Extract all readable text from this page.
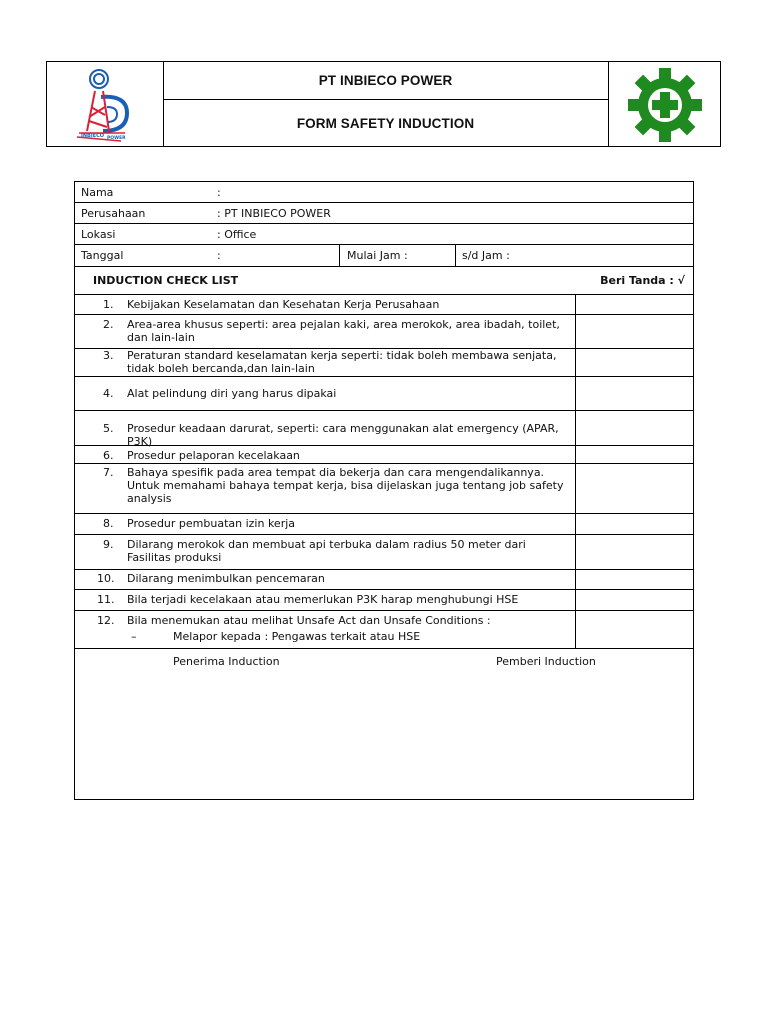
INBIECO POWER
PT INBIECO POWER
FORM SAFETY INDUCTION
Nama	:
Perusahaan	: PT INBIECO POWER
Lokasi	: Office
Tanggal	:	Mulai Jam :	s/d Jam :
INDUCTION CHECK LIST	Beri Tanda : √
1. Kebijakan Keselamatan dan Kesehatan Kerja Perusahaan
2. Area-area khusus seperti: area pejalan kaki, area merokok, area ibadah, toilet, dan lain-lain
3. Peraturan standard keselamatan kerja seperti: tidak boleh membawa senjata, tidak boleh bercanda,dan lain-lain
4. Alat pelindung diri yang harus dipakai
5. Prosedur keadaan darurat, seperti: cara menggunakan alat emergency (APAR, P3K)
6. Prosedur pelaporan kecelakaan
7. Bahaya spesifik pada area tempat dia bekerja dan cara mengendalikannya. Untuk memahami bahaya tempat kerja, bisa dijelaskan juga tentang job safety analysis
8. Prosedur pembuatan izin kerja
9. Dilarang merokok dan membuat api terbuka dalam radius 50 meter dari Fasilitas produksi
10. Dilarang menimbulkan pencemaran
11. Bila terjadi kecelakaan atau memerlukan P3K harap menghubungi HSE
12. Bila menemukan atau melihat Unsafe Act dan Unsafe Conditions :
–	Melapor kepada : Pengawas terkait atau HSE
Penerima Induction	Pemberi Induction
